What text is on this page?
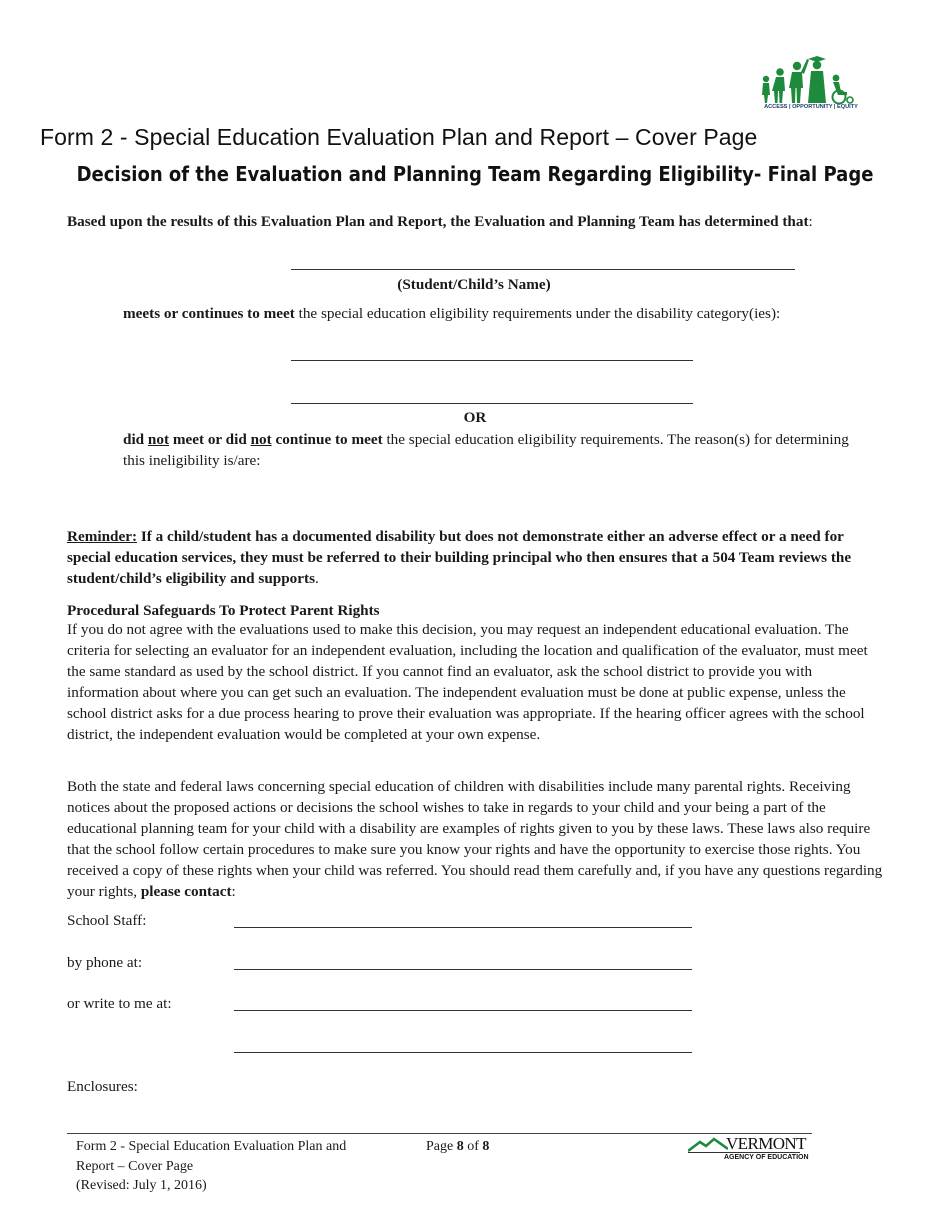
ACCESS | OPPORTUNITY | EQUITY
Form 2 - Special Education Evaluation Plan and Report – Cover Page
Decision of the Evaluation and Planning Team Regarding Eligibility- Final Page
Based upon the results of this Evaluation Plan and Report, the Evaluation and Planning Team has determined that:
(Student/Child’s Name)
meets or continues to meet the special education eligibility requirements under the disability category(ies):
OR
did not meet or did not continue to meet the special education eligibility requirements. The reason(s) for determining this ineligibility is/are:
Reminder: If a child/student has a documented disability but does not demonstrate either an adverse effect or a need for special education services, they must be referred to their building principal who then ensures that a 504 Team reviews the student/child’s eligibility and supports.
Procedural Safeguards To Protect Parent Rights
If you do not agree with the evaluations used to make this decision, you may request an independent educational evaluation. The criteria for selecting an evaluator for an independent evaluation, including the location and qualification of the evaluator, must meet the same standard as used by the school district. If you cannot find an evaluator, ask the school district to provide you with information about where you can get such an evaluation. The independent evaluation must be done at public expense, unless the school district asks for a due process hearing to prove their evaluation was appropriate. If the hearing officer agrees with the school district, the independent evaluation would be completed at your own expense.
Both the state and federal laws concerning special education of children with disabilities include many parental rights. Receiving notices about the proposed actions or decisions the school wishes to take in regards to your child and your being a part of the educational planning team for your child with a disability are examples of rights given to you by these laws. These laws also require that the school follow certain procedures to make sure you know your rights and have the opportunity to exercise those rights. You received a copy of these rights when your child was referred. You should read them carefully and, if you have any questions regarding your rights, please contact:
School Staff:
by phone at:
or write to me at:
Enclosures:
Form 2 - Special Education Evaluation Plan and
Report – Cover Page
(Revised: July 1, 2016)
Page 8 of 8	VERMONT
AGENCY OF EDUCATION
